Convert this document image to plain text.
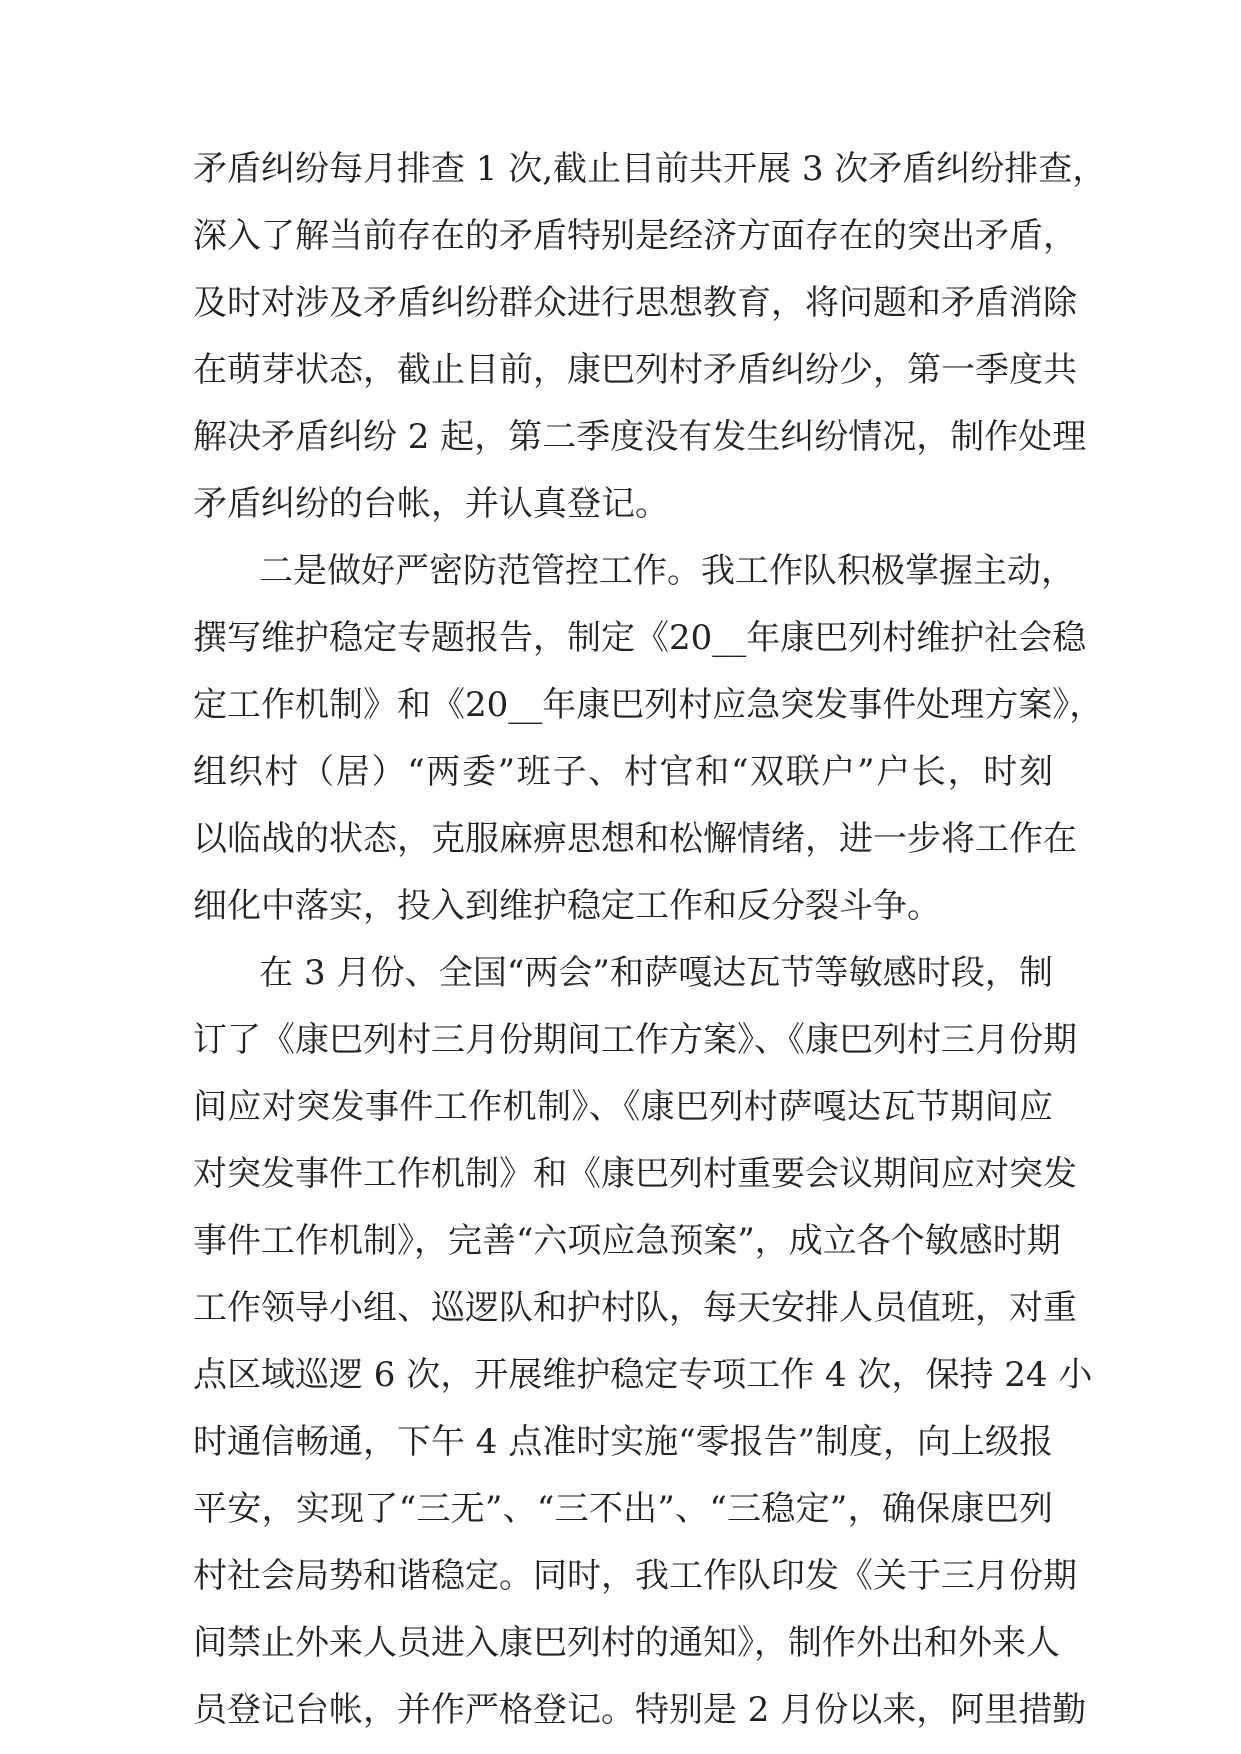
矛盾纠纷每月排查 1 次,截止目前共开展 3 次矛盾纠纷排查，
深入了解当前存在的矛盾特别是经济方面存在的突出矛盾，
及时对涉及矛盾纠纷群众进行思想教育，将问题和矛盾消除
在萌芽状态，截止目前，康巴列村矛盾纠纷少，第一季度共
解决矛盾纠纷 2 起，第二季度没有发生纠纷情况，制作处理
矛盾纠纷的台帐，并认真登记。
二是做好严密防范管控工作。我工作队积极掌握主动，
撰写维护稳定专题报告，制定《20__年康巴列村维护社会稳
定工作机制》和《20__年康巴列村应急突发事件处理方案》，
组织村（居）“两委”班子、村官和“双联户”户长，时刻
以临战的状态，克服麻痹思想和松懈情绪，进一步将工作在
细化中落实，投入到维护稳定工作和反分裂斗争。
在 3 月份、全国“两会”和萨嘎达瓦节等敏感时段，制
订了《康巴列村三月份期间工作方案》、《康巴列村三月份期
间应对突发事件工作机制》、《康巴列村萨嘎达瓦节期间应
对突发事件工作机制》和《康巴列村重要会议期间应对突发
事件工作机制》，完善“六项应急预案”，成立各个敏感时期
工作领导小组、巡逻队和护村队，每天安排人员值班，对重
点区域巡逻 6 次，开展维护稳定专项工作 4 次，保持 24 小
时通信畅通，下午 4 点准时实施“零报告”制度，向上级报
平安，实现了“三无”、“三不出”、“三稳定”，确保康巴列
村社会局势和谐稳定。同时，我工作队印发《关于三月份期
间禁止外来人员进入康巴列村的通知》，制作外出和外来人
员登记台帐，并作严格登记。特别是 2 月份以来，阿里措勤
